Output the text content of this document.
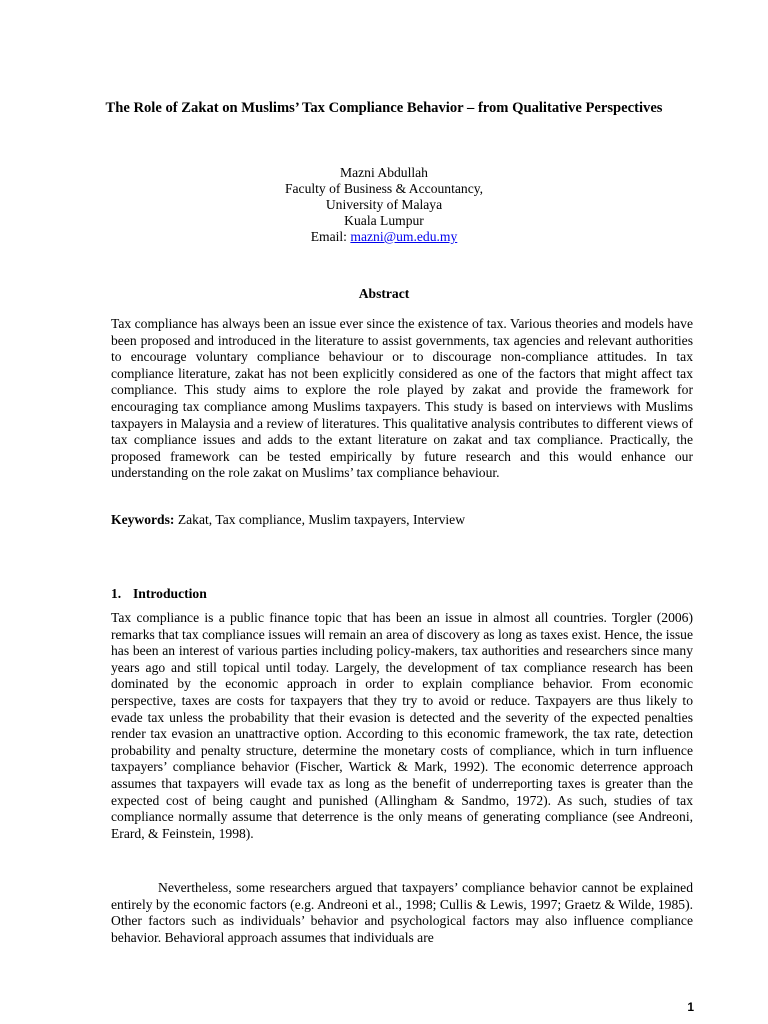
The Role of Zakat on Muslims’ Tax Compliance Behavior – from Qualitative Perspectives
Mazni Abdullah
Faculty of Business & Accountancy,
University of Malaya
Kuala Lumpur
Email: mazni@um.edu.my
Abstract
Tax compliance has always been an issue ever since the existence of tax. Various theories and models have been proposed and introduced in the literature to assist governments, tax agencies and relevant authorities to encourage voluntary compliance behaviour or to discourage non-compliance attitudes. In tax compliance literature, zakat has not been explicitly considered as one of the factors that might affect tax compliance. This study aims to explore the role played by zakat and provide the framework for encouraging tax compliance among Muslims taxpayers. This study is based on interviews with Muslims taxpayers in Malaysia and a review of literatures. This qualitative analysis contributes to different views of tax compliance issues and adds to the extant literature on zakat and tax compliance. Practically, the proposed framework can be tested empirically by future research and this would enhance our understanding on the role zakat on Muslims’ tax compliance behaviour.
Keywords: Zakat, Tax compliance, Muslim taxpayers, Interview
1. Introduction
Tax compliance is a public finance topic that has been an issue in almost all countries. Torgler (2006) remarks that tax compliance issues will remain an area of discovery as long as taxes exist. Hence, the issue has been an interest of various parties including policy-makers, tax authorities and researchers since many years ago and still topical until today. Largely, the development of tax compliance research has been dominated by the economic approach in order to explain compliance behavior. From economic perspective, taxes are costs for taxpayers that they try to avoid or reduce. Taxpayers are thus likely to evade tax unless the probability that their evasion is detected and the severity of the expected penalties render tax evasion an unattractive option. According to this economic framework, the tax rate, detection probability and penalty structure, determine the monetary costs of compliance, which in turn influence taxpayers’ compliance behavior (Fischer, Wartick & Mark, 1992). The economic deterrence approach assumes that taxpayers will evade tax as long as the benefit of underreporting taxes is greater than the expected cost of being caught and punished (Allingham & Sandmo, 1972). As such, studies of tax compliance normally assume that deterrence is the only means of generating compliance (see Andreoni, Erard, & Feinstein, 1998).
Nevertheless, some researchers argued that taxpayers’ compliance behavior cannot be explained entirely by the economic factors (e.g. Andreoni et al., 1998; Cullis & Lewis, 1997; Graetz & Wilde, 1985). Other factors such as individuals’ behavior and psychological factors may also influence compliance behavior. Behavioral approach assumes that individuals are
1
